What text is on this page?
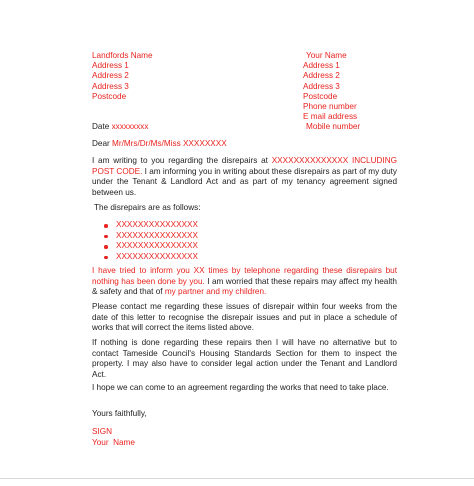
Landfords Name
Address 1
Address 2
Address 3
Postcode
Your Name
Address 1
Address 2
Address 3
Postcode
Phone number
E mail address
Mobile number
Date xxxxxxxxx
Dear Mr/Mrs/Dr/Ms/Miss XXXXXXXX
I am writing to you regarding the disrepairs at XXXXXXXXXXXXXX INCLUDING POST CODE. I am informing you in writing about these disrepairs as part of my duty under the Tenant & Landlord Act and as part of my tenancy agreement signed between us.
The disrepairs are as follows:
XXXXXXXXXXXXXXX
XXXXXXXXXXXXXXX
XXXXXXXXXXXXXXX
XXXXXXXXXXXXXXX
I have tried to inform you XX times by telephone regarding these disrepairs but nothing has been done by you. I am worried that these repairs may affect my health & safety and that of my partner and my children.
Please contact me regarding these issues of disrepair within four weeks from the date of this letter to recognise the disrepair issues and put in place a schedule of works that will correct the items listed above.
If nothing is done regarding these repairs then I will have no alternative but to contact Tameside Council's Housing Standards Section for them to inspect the property. I may also have to consider legal action under the Tenant and Landlord Act.
I hope we can come to an agreement regarding the works that need to take place.
Yours faithfully,
SIGN
Your  Name
